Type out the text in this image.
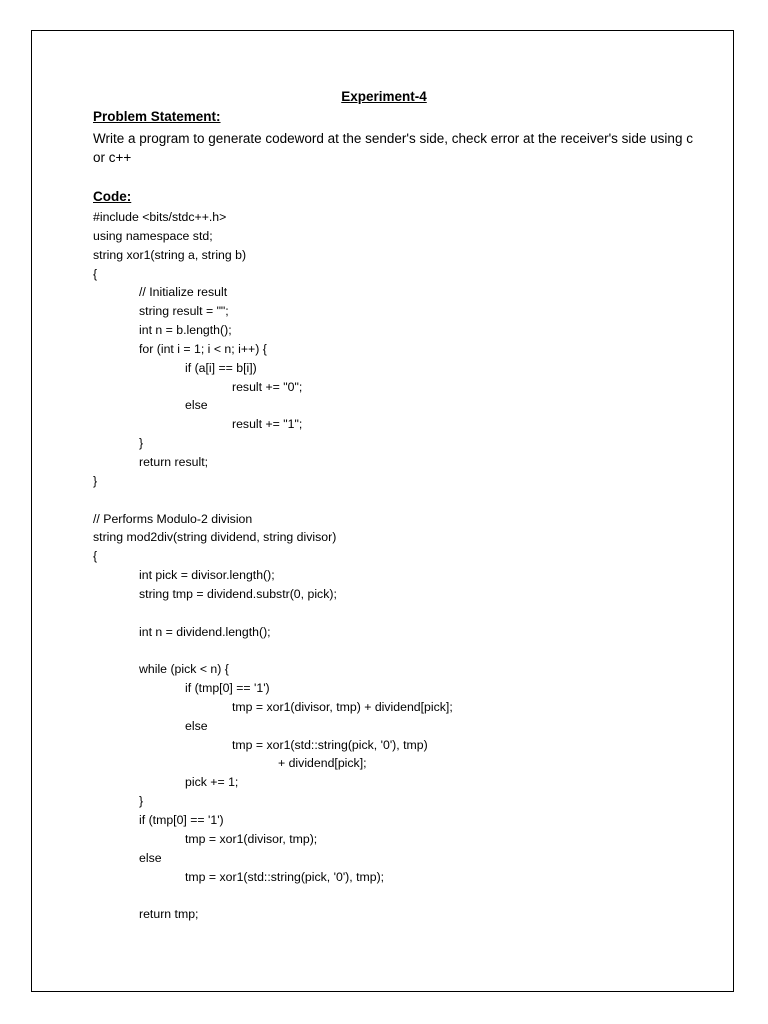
Experiment-4
Problem Statement:
Write a program to generate codeword at the sender's side, check error at the receiver's side using c or c++
Code:
#include <bits/stdc++.h>
using namespace std;
string xor1(string a, string b)
{
// Initialize result
string result = "";
int n = b.length();
for (int i = 1; i < n; i++) {
if (a[i] == b[i])
result += "0";
else
result += "1";
}
return result;
}
// Performs Modulo-2 division
string mod2div(string dividend, string divisor)
{
int pick = divisor.length();
string tmp = dividend.substr(0, pick);
int n = dividend.length();
while (pick < n) {
if (tmp[0] == '1')
tmp = xor1(divisor, tmp) + dividend[pick];
else
tmp = xor1(std::string(pick, '0'), tmp)
+ dividend[pick];
pick += 1;
}
if (tmp[0] == '1')
tmp = xor1(divisor, tmp);
else
tmp = xor1(std::string(pick, '0'), tmp);
return tmp;
